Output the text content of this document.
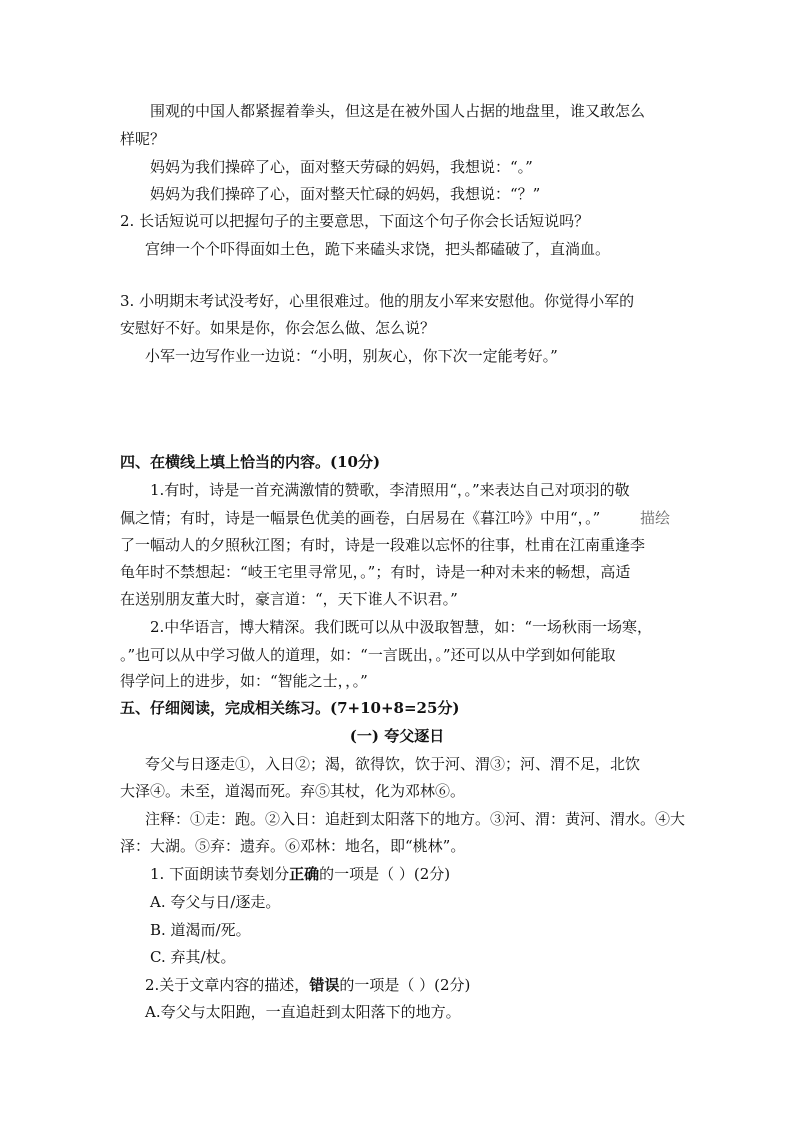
围观的中国人都紧握着拳头，但这是在被外国人占据的地盘里，谁又敢怎么
样呢？
妈妈为我们操碎了心，面对整天劳碌的妈妈，我想说：“。”
妈妈为我们操碎了心，面对整天忙碌的妈妈，我想说：“？”
2. 长话短说可以把握句子的主要意思，下面这个句子你会长话短说吗？
宫绅一个个吓得面如土色，跪下来磕头求饶，把头都磕破了，直淌血。
3. 小明期末考试没考好，心里很难过。他的朋友小军来安慰他。你觉得小军的
安慰好不好。如果是你，你会怎么做、怎么说？
小军一边写作业一边说：“小明，别灰心，你下次一定能考好。”
四、在横线上填上恰当的内容。(10分)
1.有时，诗是一首充满激情的赞歌，李清照用“，。”来表达自己对项羽的敬
佩之情；有时，诗是一幅景色优美的画卷，白居易在《暮江吟》中用“，。”	描绘
了一幅动人的夕照秋江图；有时，诗是一段难以忘怀的往事，杜甫在江南重逢李
龟年时不禁想起：“岐王宅里寻常见，。”；有时，诗是一种对未来的畅想，高适
在送别朋友董大时，豪言道：“，天下谁人不识君。”
2.中华语言，博大精深。我们既可以从中汲取智慧，如：“一场秋雨一场寒，
。”也可以从中学习做人的道理，如：“一言既出，。”还可以从中学到如何能取
得学问上的进步，如：“智能之士，，。”
五、仔细阅读，完成相关练习。(7+10+8=25分)
(一) 夸父逐日
夸父与日逐走①，入日②；渴，欲得饮，饮于河、渭③；河、渭不足，北饮
大泽④。未至，道渴而死。弃⑤其杖，化为邓林⑥。
注释：①走：跑。②入日：追赶到太阳落下的地方。③河、渭：黄河、渭水。④大
泽：大湖。⑤弃：遗弃。⑥邓林：地名，即“桃林”。
1. 下面朗读节奏划分正确的一项是（ ）(2分)
A. 夸父与日/逐走。
B. 道渴而/死。
C. 弃其/杖。
2.关于文章内容的描述，错误的一项是（ ）(2分)
A.夸父与太阳跑，一直追赶到太阳落下的地方。
